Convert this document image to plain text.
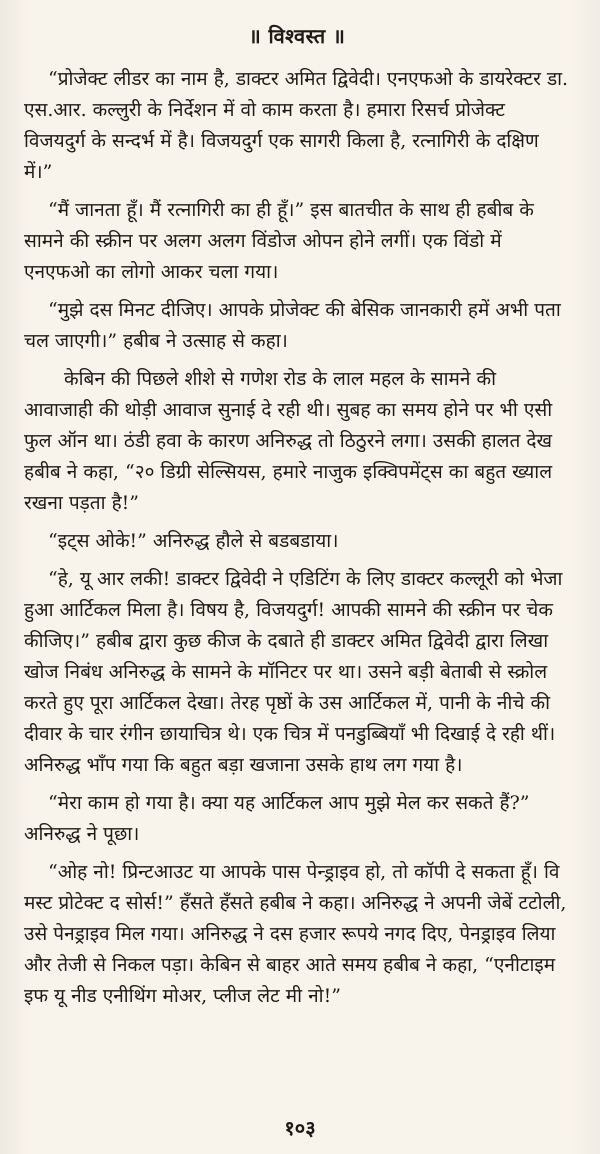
॥ विश्वस्त ॥

“प्रोजेक्ट लीडर का नाम है, डाक्टर अमित द्विवेदी। एनएफओ के डायरेक्टर डा. एस.आर. कल्लुरी के निर्देशन में वो काम करता है। हमारा रिसर्च प्रोजेक्ट विजयदुर्ग के सन्दर्भ में है। विजयदुर्ग एक सागरी किला है, रत्नागिरी के दक्षिण में।”

“मैं जानता हूँ। मैं रत्नागिरी का ही हूँ।” इस बातचीत के साथ ही हबीब के सामने की स्क्रीन पर अलग अलग विंडोज ओपन होने लगीं। एक विंडो में एनएफओ का लोगो आकर चला गया।

“मुझे दस मिनट दीजिए। आपके प्रोजेक्ट की बेसिक जानकारी हमें अभी पता चल जाएगी।” हबीब ने उत्साह से कहा।

केबिन की पिछले शीशे से गणेश रोड के लाल महल के सामने की आवाजाही की थोड़ी आवाज सुनाई दे रही थी। सुबह का समय होने पर भी एसी फुल ऑन था। ठंडी हवा के कारण अनिरुद्ध तो ठिठुरने लगा। उसकी हालत देख हबीब ने कहा, “२० डिग्री सेल्सियस, हमारे नाजुक इक्विपमेंट्स का बहुत ख्याल रखना पड़ता है!”

“इट्स ओके!” अनिरुद्ध हौले से बडबडाया।

“हे, यू आर लकी! डाक्टर द्विवेदी ने एडिटिंग के लिए डाक्टर कल्लूरी को भेजा हुआ आर्टिकल मिला है। विषय है, विजयदुर्ग! आपकी सामने की स्क्रीन पर चेक कीजिए।” हबीब द्वारा कुछ कीज के दबाते ही डाक्टर अमित द्विवेदी द्वारा लिखा खोज निबंध अनिरुद्ध के सामने के मॉनिटर पर था। उसने बड़ी बेताबी से स्क्रोल करते हुए पूरा आर्टिकल देखा। तेरह पृष्ठों के उस आर्टिकल में, पानी के नीचे की दीवार के चार रंगीन छायाचित्र थे। एक चित्र में पनडुब्बियाँ भी दिखाई दे रही थीं। अनिरुद्ध भाँप गया कि बहुत बड़ा खजाना उसके हाथ लग गया है।

“मेरा काम हो गया है। क्या यह आर्टिकल आप मुझे मेल कर सकते हैं?” अनिरुद्ध ने पूछा।

“ओह नो! प्रिन्टआउट या आपके पास पेन्ड्राइव हो, तो कॉपी दे सकता हूँ। वि मस्ट प्रोटेक्ट द सोर्स!” हँसते हँसते हबीब ने कहा। अनिरुद्ध ने अपनी जेबें टटोली, उसे पेनड्राइव मिल गया। अनिरुद्ध ने दस हजार रूपये नगद दिए, पेनड्राइव लिया और तेजी से निकल पड़ा। केबिन से बाहर आते समय हबीब ने कहा, “एनीटाइम इफ यू नीड एनीथिंग मोअर, प्लीज लेट मी नो!”

१०३
